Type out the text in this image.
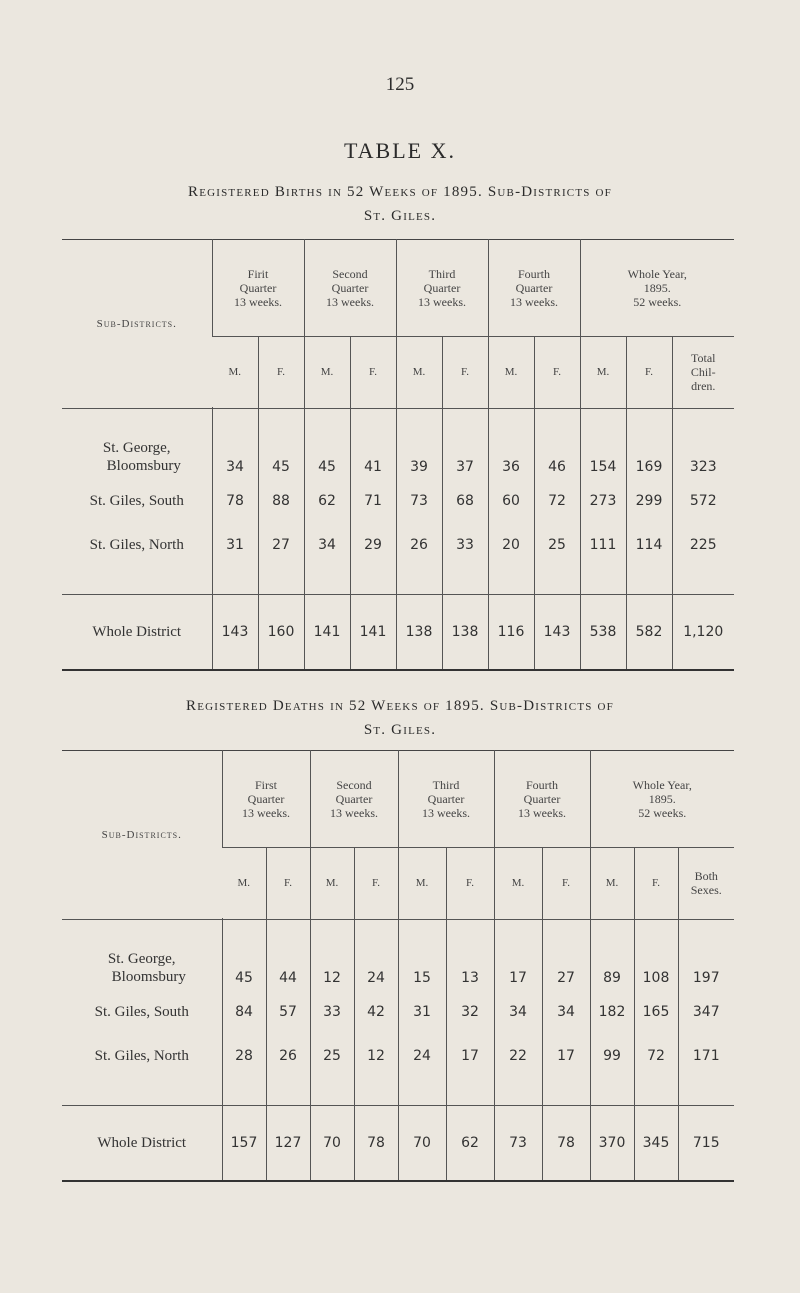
125
TABLE X.
Registered Births in 52 Weeks of 1895. Sub-Districts of
St. Giles.
Sub-Districts.	Firit
Quarter
13 weeks.		Second
Quarter
13 weeks.		Third
Quarter
13 weeks.		Fourth
Quarter
13 weeks.		Whole Year,
1895.
52 weeks.		
	M.	F.	M.	F.	M.	F.	M.	F.	M.	F.	Total
Chil-
dren.

St. George,
Bloomsbury	34	45	45	41	39	37	36	46	154	169	323
St. Giles, South	78	88	62	71	73	68	60	72	273	299	572
St. Giles, North	31	27	34	29	26	33	20	25	111	114	225

Whole District	143	160	141	141	138	138	116	143	538	582	1,120
Registered Deaths in 52 Weeks of 1895. Sub-Districts of
St. Giles.
Sub-Districts.	First
Quarter
13 weeks.		Second
Quarter
13 weeks.		Third
Quarter
13 weeks.		Fourth
Quarter
13 weeks.		Whole Year,
1895.
52 weeks.		
	M.	F.	M.	F.	M.	F.	M.	F.	M.	F.	Both
Sexes.

St. George,
Bloomsbury	45	44	12	24	15	13	17	27	89	108	197
St. Giles, South	84	57	33	42	31	32	34	34	182	165	347
St. Giles, North	28	26	25	12	24	17	22	17	99	72	171

Whole District	157	127	70	78	70	62	73	78	370	345	715
